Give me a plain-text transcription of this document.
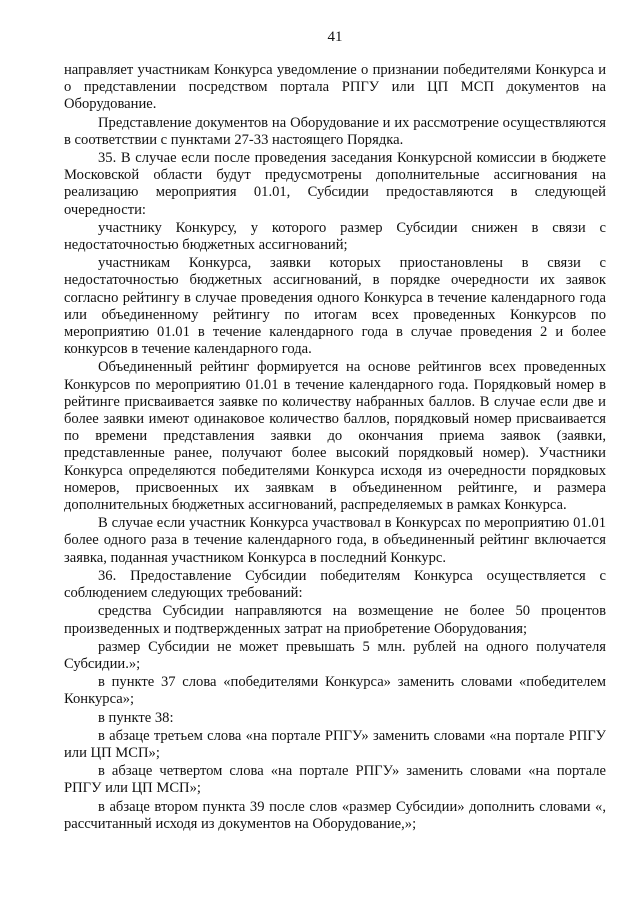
41

направляет участникам Конкурса уведомление о признании победителями Конкурса и о представлении посредством портала РПГУ или ЦП МСП документов на Оборудование.

Представление документов на Оборудование и их рассмотрение осуществляются в соответствии с пунктами 27-33 настоящего Порядка.

35. В случае если после проведения заседания Конкурсной комиссии в бюджете Московской области будут предусмотрены дополнительные ассигнования на реализацию мероприятия 01.01, Субсидии предоставляются в следующей очередности:

участнику Конкурсу, у которого размер Субсидии снижен в связи с недостаточностью бюджетных ассигнований;

участникам Конкурса, заявки которых приостановлены в связи с недостаточностью бюджетных ассигнований, в порядке очередности их заявок согласно рейтингу в случае проведения одного Конкурса в течение календарного года или объединенному рейтингу по итогам всех проведенных Конкурсов по мероприятию 01.01 в течение календарного года в случае проведения 2 и более конкурсов в течение календарного года.

Объединенный рейтинг формируется на основе рейтингов всех проведенных Конкурсов по мероприятию 01.01 в течение календарного года. Порядковый номер в рейтинге присваивается заявке по количеству набранных баллов. В случае если две и более заявки имеют одинаковое количество баллов, порядковый номер присваивается по времени представления заявки до окончания приема заявок (заявки, представленные ранее, получают более высокий порядковый номер). Участники Конкурса определяются победителями Конкурса исходя из очередности порядковых номеров, присвоенных их заявкам в объединенном рейтинге, и размера дополнительных бюджетных ассигнований, распределяемых в рамках Конкурса.

В случае если участник Конкурса участвовал в Конкурсах по мероприятию 01.01 более одного раза в течение календарного года, в объединенный рейтинг включается заявка, поданная участником Конкурса в последний Конкурс.

36. Предоставление Субсидии победителям Конкурса осуществляется с соблюдением следующих требований:

средства Субсидии направляются на возмещение не более 50 процентов произведенных и подтвержденных затрат на приобретение Оборудования;

размер Субсидии не может превышать 5 млн. рублей на одного получателя Субсидии.»;

в пункте 37 слова «победителями Конкурса» заменить словами «победителем Конкурса»;

в пункте 38:

в абзаце третьем слова «на портале РПГУ» заменить словами «на портале РПГУ или ЦП МСП»;

в абзаце четвертом слова «на портале РПГУ» заменить словами «на портале РПГУ или ЦП МСП»;

в абзаце втором пункта 39 после слов «размер Субсидии» дополнить словами «, рассчитанный исходя из документов на Оборудование,»;
